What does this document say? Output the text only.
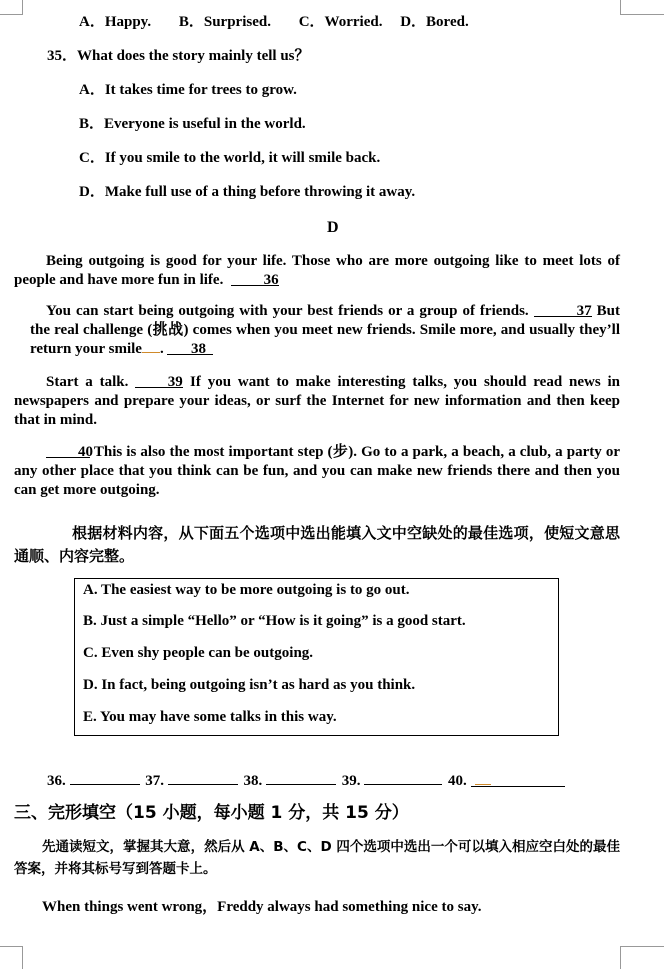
A．Happy. B．Surprised. C．Worried. D．Bored.
35．What does the story mainly tell us？
A．It takes time for trees to grow.
B．Everyone is useful in the world.
C．If you smile to the world, it will smile back.
D．Make full use of a thing before throwing it away.
D
Being outgoing is good for your life. Those who are more outgoing like to meet lots of people and have more fun in life.	36
You can start being outgoing with your best friends or a group of friends.	37 But the real challenge (挑战) comes when you meet new friends. Smile more, and usually they’ll return your smile . 38
Start a talk.	39 If you want to make interesting talks, you should read news in newspapers and prepare your ideas, or surf the Internet for new information and then keep that in mind.
40 This is also the most important step (步). Go to a park, a beach, a club, a party or any other place that you think can be fun, and you can make new friends there and then you can get more outgoing.
根据材料内容，从下面五个选项中选出能填入文中空缺处的最佳选项，使短文意思通顺、内容完整。
A. The easiest way to be more outgoing is to go out.
B. Just a simple “Hello” or “How is it going” is a good start.
C. Even shy people can be outgoing.
D. In fact, being outgoing isn’t as hard as you think.
E. You may have some talks in this way.
36.	37.	38.	39.	40.
三、完形填空（15 小题，每小题 1 分，共 15 分）
先通读短文，掌握其大意，然后从 A、B、C、D 四个选项中选出一个可以填入相应空白处的最佳答案，并将其标号写到答题卡上。
When things went wrong，Freddy always had something nice to say.
